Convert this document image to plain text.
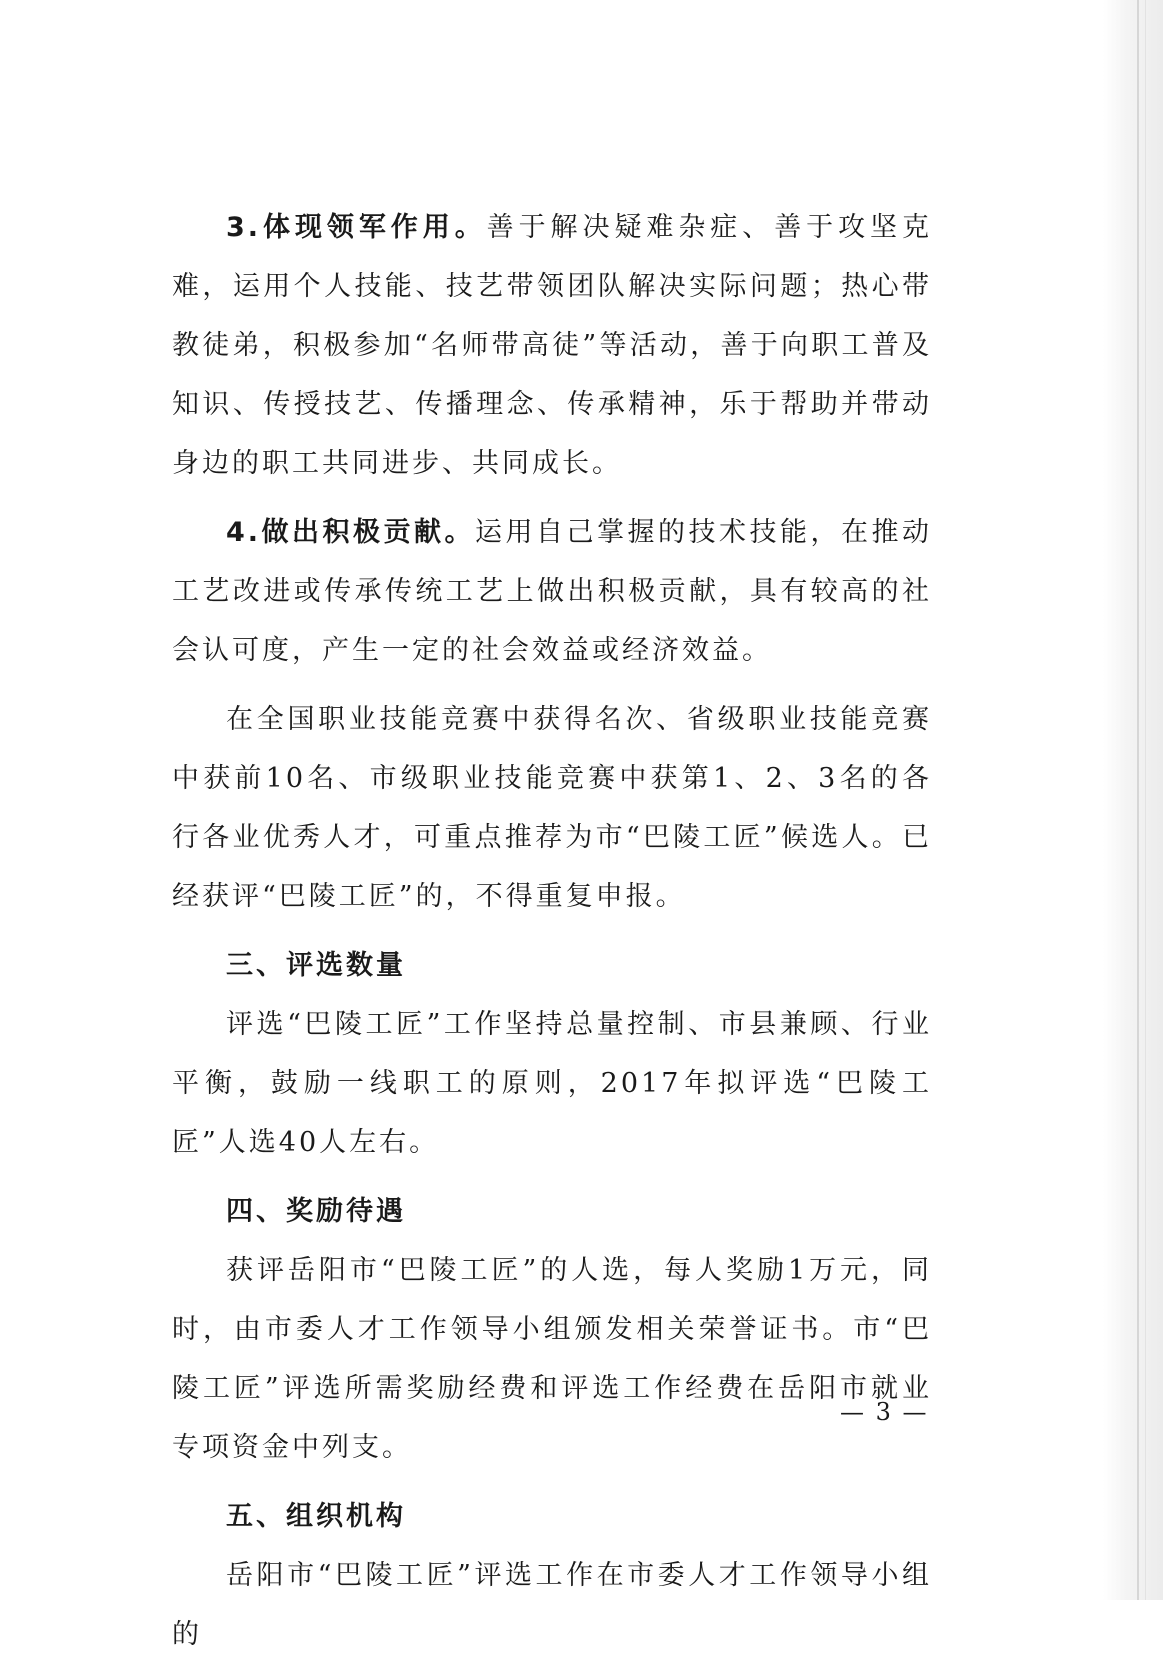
3.体现领军作用。善于解决疑难杂症、善于攻坚克难，运用个人技能、技艺带领团队解决实际问题；热心带教徒弟，积极参加“名师带高徒”等活动，善于向职工普及知识、传授技艺、传播理念、传承精神，乐于帮助并带动身边的职工共同进步、共同成长。

4.做出积极贡献。运用自己掌握的技术技能，在推动工艺改进或传承传统工艺上做出积极贡献，具有较高的社会认可度，产生一定的社会效益或经济效益。

在全国职业技能竞赛中获得名次、省级职业技能竞赛中获前10名、市级职业技能竞赛中获第1、2、3名的各行各业优秀人才，可重点推荐为市“巴陵工匠”候选人。已经获评“巴陵工匠”的，不得重复申报。

三、评选数量

评选“巴陵工匠”工作坚持总量控制、市县兼顾、行业平衡，鼓励一线职工的原则，2017年拟评选“巴陵工匠”人选40人左右。

四、奖励待遇

获评岳阳市“巴陵工匠”的人选，每人奖励1万元，同时，由市委人才工作领导小组颁发相关荣誉证书。市“巴陵工匠”评选所需奖励经费和评选工作经费在岳阳市就业专项资金中列支。

五、组织机构

岳阳市“巴陵工匠”评选工作在市委人才工作领导小组的

— 3 —
